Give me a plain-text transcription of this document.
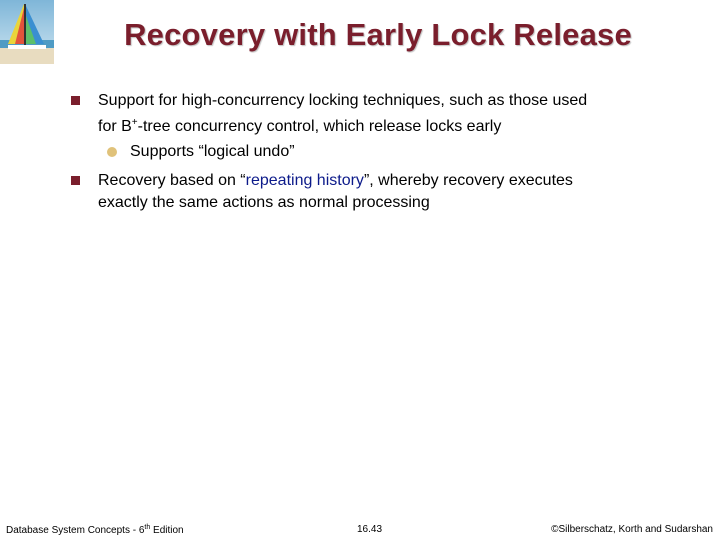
Recovery with Early Lock Release
Support for high-concurrency locking techniques, such as those used
for B+-tree concurrency control, which release locks early
Supports “logical undo”
Recovery based on “repeating history”, whereby recovery executes
exactly the same actions as normal processing
Database System Concepts - 6th Edition	16.43	©Silberschatz, Korth and Sudarshan
